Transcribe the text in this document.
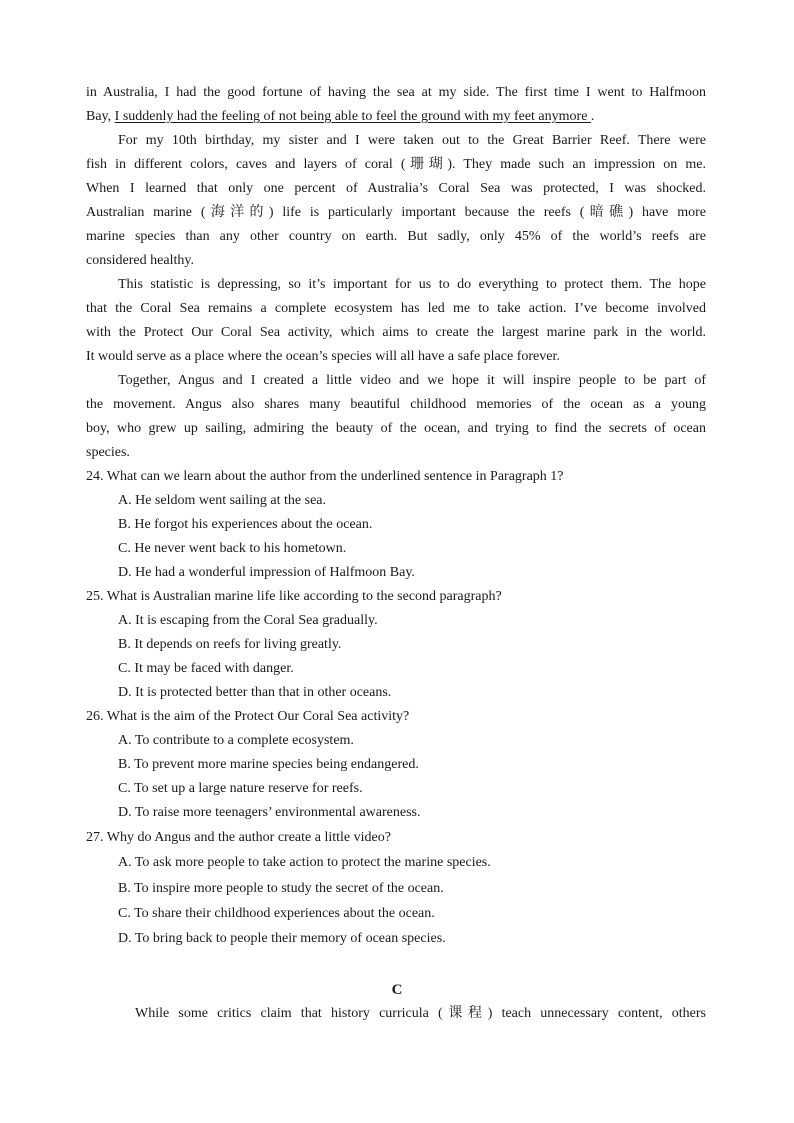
in Australia, I had the good fortune of having the sea at my side. The first time I went to Halfmoon
Bay, I suddenly had the feeling of not being able to feel the ground with my feet anymore .
For my 10th birthday, my sister and I were taken out to the Great Barrier Reef. There were
fish in different colors, caves and layers of coral (珊瑚). They made such an impression on me.
When I learned that only one percent of Australia’s Coral Sea was protected, I was shocked.
Australian marine (海洋的) life is particularly important because the reefs (暗礁) have more
marine species than any other country on earth. But sadly, only 45% of the world’s reefs are
considered healthy.
This statistic is depressing, so it’s important for us to do everything to protect them. The hope
that the Coral Sea remains a complete ecosystem has led me to take action. I’ve become involved
with the Protect Our Coral Sea activity, which aims to create the largest marine park in the world.
It would serve as a place where the ocean’s species will all have a safe place forever.
Together, Angus and I created a little video and we hope it will inspire people to be part of
the movement. Angus also shares many beautiful childhood memories of the ocean as a young
boy, who grew up sailing, admiring the beauty of the ocean, and trying to find the secrets of ocean
species.
24. What can we learn about the author from the underlined sentence in Paragraph 1?
A. He seldom went sailing at the sea.
B. He forgot his experiences about the ocean.
C. He never went back to his hometown.
D. He had a wonderful impression of Halfmoon Bay.
25. What is Australian marine life like according to the second paragraph?
A. It is escaping from the Coral Sea gradually.
B. It depends on reefs for living greatly.
C. It may be faced with danger.
D. It is protected better than that in other oceans.
26. What is the aim of the Protect Our Coral Sea activity?
A. To contribute to a complete ecosystem.
B. To prevent more marine species being endangered.
C. To set up a large nature reserve for reefs.
D. To raise more teenagers’ environmental awareness.
27. Why do Angus and the author create a little video?
A. To ask more people to take action to protect the marine species.
B. To inspire more people to study the secret of the ocean.
C. To share their childhood experiences about the ocean.
D. To bring back to people their memory of ocean species.
C
While some critics claim that history curricula (课程) teach unnecessary content, others
